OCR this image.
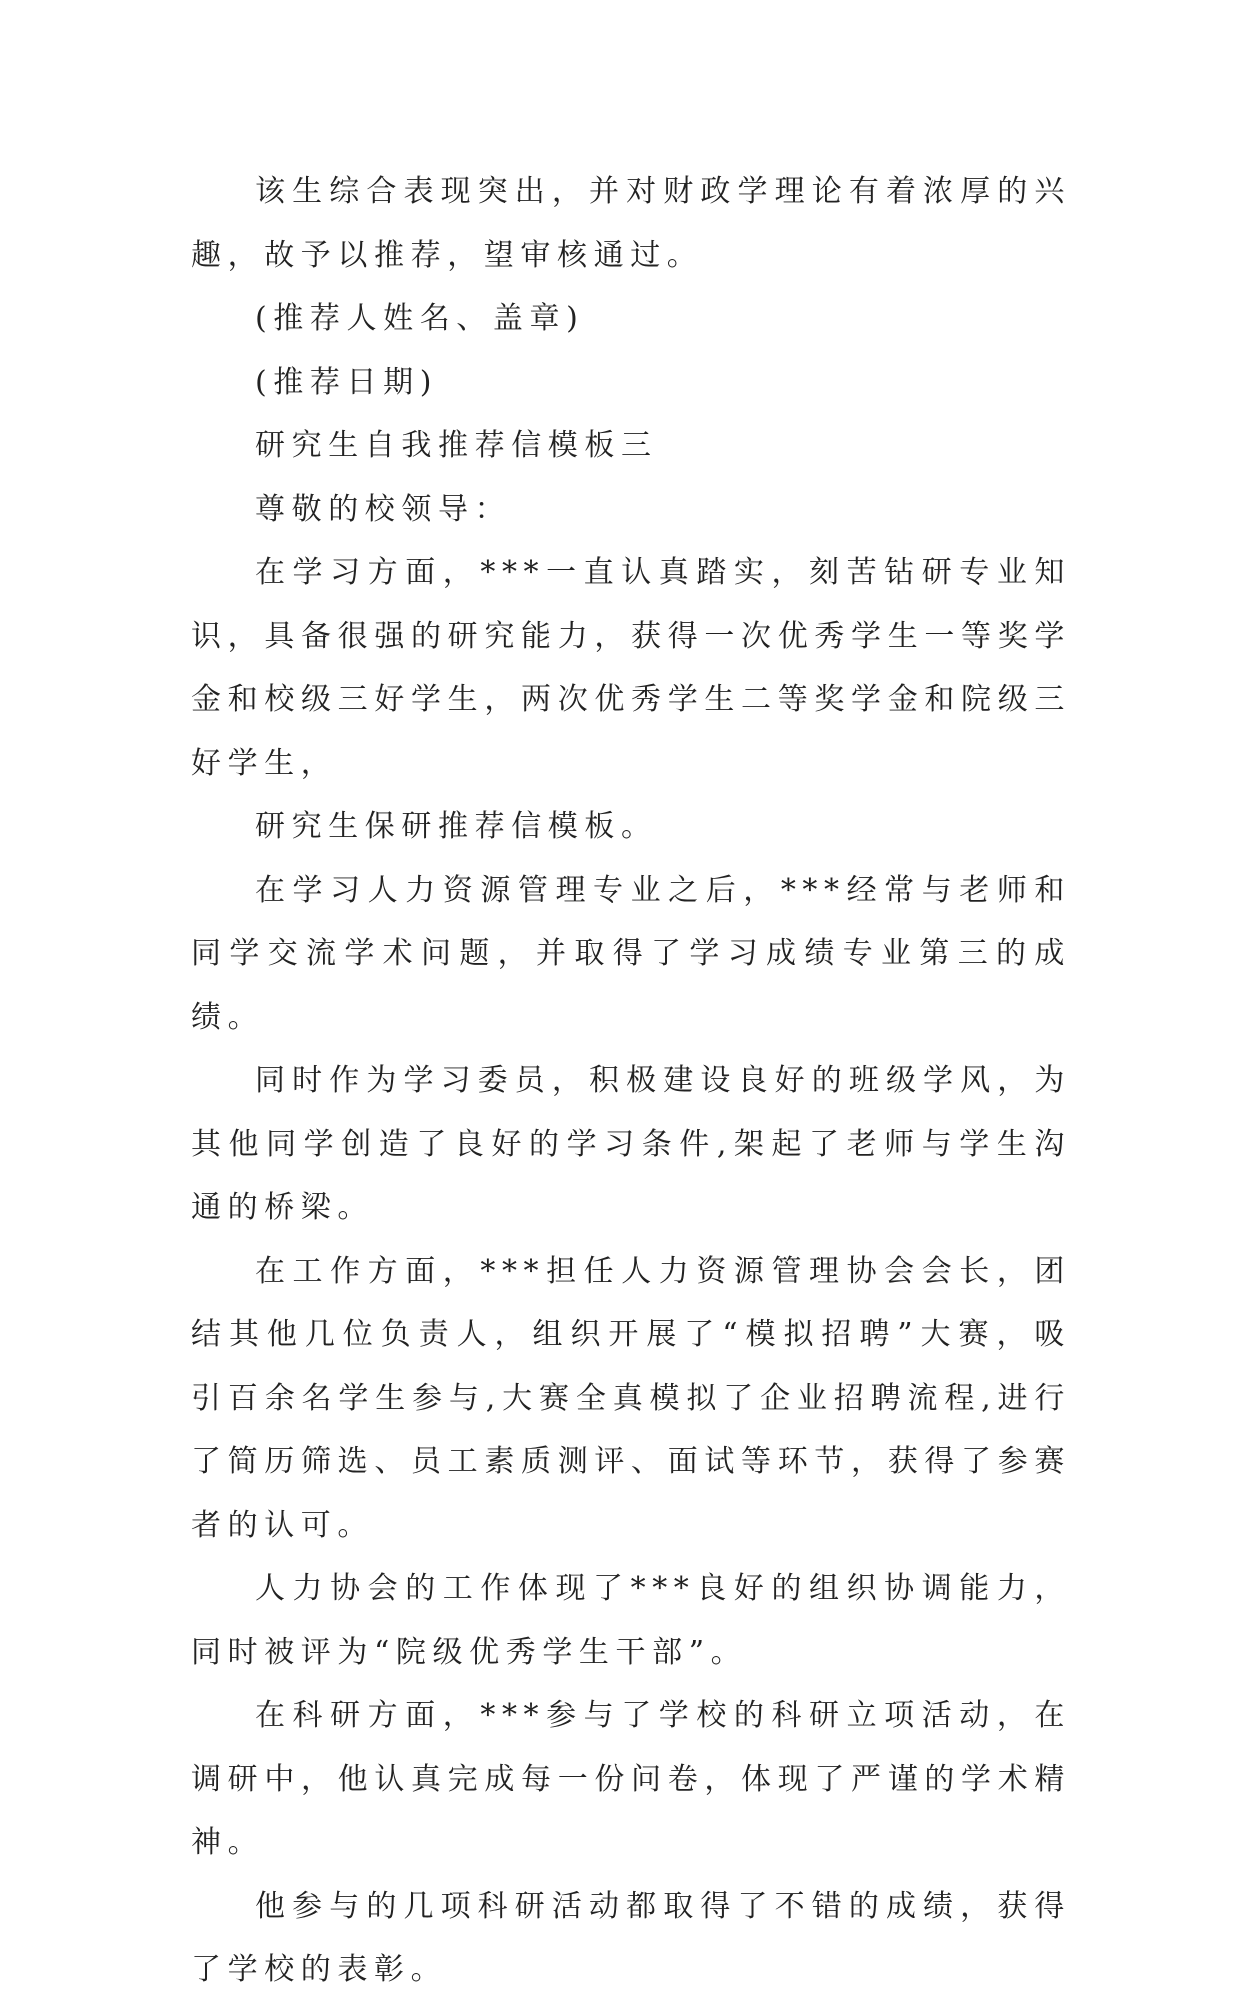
该生综合表现突出，并对财政学理论有着浓厚的兴趣，故予以推荐，望审核通过。

(推荐人姓名、盖章)

(推荐日期)

研究生自我推荐信模板三

尊敬的校领导：

在学习方面，***一直认真踏实，刻苦钻研专业知识，具备很强的研究能力，获得一次优秀学生一等奖学金和校级三好学生，两次优秀学生二等奖学金和院级三好学生，

研究生保研推荐信模板。

在学习人力资源管理专业之后，***经常与老师和同学交流学术问题，并取得了学习成绩专业第三的成绩。

同时作为学习委员，积极建设良好的班级学风，为其他同学创造了良好的学习条件,架起了老师与学生沟通的桥梁。

在工作方面，***担任人力资源管理协会会长，团结其他几位负责人，组织开展了“模拟招聘”大赛，吸引百余名学生参与,大赛全真模拟了企业招聘流程,进行了简历筛选、员工素质测评、面试等环节，获得了参赛者的认可。

人力协会的工作体现了***良好的组织协调能力，同时被评为“院级优秀学生干部”。

在科研方面，***参与了学校的科研立项活动，在调研中，他认真完成每一份问卷，体现了严谨的学术精神。

他参与的几项科研活动都取得了不错的成绩，获得了学校的表彰。
